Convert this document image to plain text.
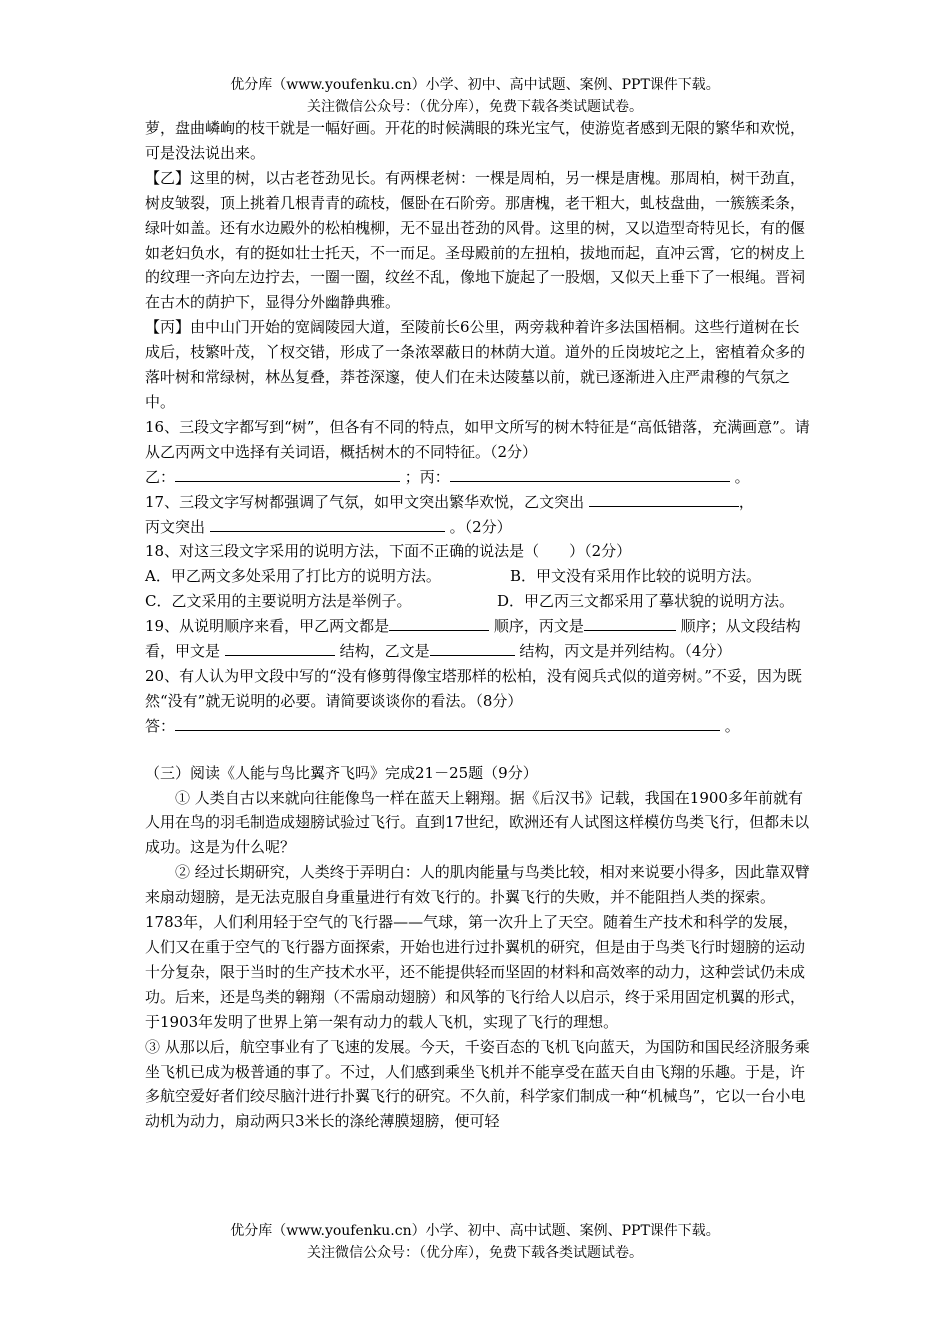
优分库（www.youfenku.cn）小学、初中、高中试题、案例、PPT课件下载。
关注微信公众号：（优分库），免费下载各类试题试卷。

萝，盘曲嶙峋的枝干就是一幅好画。开花的时候满眼的珠光宝气，使游览者感到无限的繁华和欢悦，可是没法说出来。

【乙】这里的树，以古老苍劲见长。有两棵老树：一棵是周柏，另一棵是唐槐。那周柏，树干劲直，树皮皱裂，顶上挑着几根青青的疏枝，偃卧在石阶旁。那唐槐，老干粗大，虬枝盘曲，一簇簇柔条，绿叶如盖。还有水边殿外的松柏槐柳，无不显出苍劲的风骨。这里的树，又以造型奇特见长，有的偃如老妇负水，有的挺如壮士托天，不一而足。圣母殿前的左扭柏，拔地而起，直冲云霄，它的树皮上的纹理一齐向左边拧去，一圈一圈，纹丝不乱，像地下旋起了一股烟，又似天上垂下了一根绳。晋祠在古木的荫护下，显得分外幽静典雅。

【丙】由中山门开始的宽阔陵园大道，至陵前长6公里，两旁栽种着许多法国梧桐。这些行道树在长成后，枝繁叶茂，丫杈交错，形成了一条浓翠蔽日的林荫大道。道外的丘岗坡坨之上，密植着众多的落叶树和常绿树，林丛复叠，莽苍深邃，使人们在未达陵墓以前，就已逐渐进入庄严肃穆的气氛之中。

16、三段文字都写到“树”，但各有不同的特点，如甲文所写的树木特征是“高低错落，充满画意”。请从乙丙两文中选择有关词语，概括树木的不同特征。（2分）

乙：	；丙：	。

17、三段文字写树都强调了气氛，如甲文突出繁华欢悦，乙文突出	，
丙文突出	。（2分）

18、对这三段文字采用的说明方法，下面不正确的说法是（　　）（2分）

A．甲乙两文多处采用了打比方的说明方法。	B．甲文没有采用作比较的说明方法。
C．乙文采用的主要说明方法是举例子。	D．甲乙丙三文都采用了摹状貌的说明方法。

19、从说明顺序来看，甲乙两文都是	顺序，丙文是	顺序；从文段结构看，甲文是	结构，乙文是	结构，丙文是并列结构。（4分）

20、有人认为甲文段中写的“没有修剪得像宝塔那样的松柏，没有阅兵式似的道旁树。”不妥，因为既然“没有”就无说明的必要。请简要谈谈你的看法。（8分）

答：	。

（三）阅读《人能与鸟比翼齐飞吗》完成21－25题（9分）

① 人类自古以来就向往能像鸟一样在蓝天上翱翔。据《后汉书》记载，我国在1900多年前就有人用在鸟的羽毛制造成翅膀试验过飞行。直到17世纪，欧洲还有人试图这样模仿鸟类飞行，但都未以成功。这是为什么呢？

② 经过长期研究，人类终于弄明白：人的肌肉能量与鸟类比较，相对来说要小得多，因此靠双臂来扇动翅膀，是无法克服自身重量进行有效飞行的。扑翼飞行的失败，并不能阻挡人类的探索。1783年，人们利用轻于空气的飞行器——气球，第一次升上了天空。随着生产技术和科学的发展，人们又在重于空气的飞行器方面探索，开始也进行过扑翼机的研究，但是由于鸟类飞行时翅膀的运动十分复杂，限于当时的生产技术水平，还不能提供轻而坚固的材料和高效率的动力，这种尝试仍未成功。后来，还是鸟类的翱翔（不需扇动翅膀）和风筝的飞行给人以启示，终于采用固定机翼的形式，于1903年发明了世界上第一架有动力的载人飞机，实现了飞行的理想。

③ 从那以后，航空事业有了飞速的发展。今天，千姿百态的飞机飞向蓝天，为国防和国民经济服务乘坐飞机已成为极普通的事了。不过，人们感到乘坐飞机并不能享受在蓝天自由飞翔的乐趣。于是，许多航空爱好者们绞尽脑汁进行扑翼飞行的研究。不久前，科学家们制成一种“机械鸟”，它以一台小电动机为动力，扇动两只3米长的涤纶薄膜翅膀，便可轻

优分库（www.youfenku.cn）小学、初中、高中试题、案例、PPT课件下载。
关注微信公众号：（优分库），免费下载各类试题试卷。
